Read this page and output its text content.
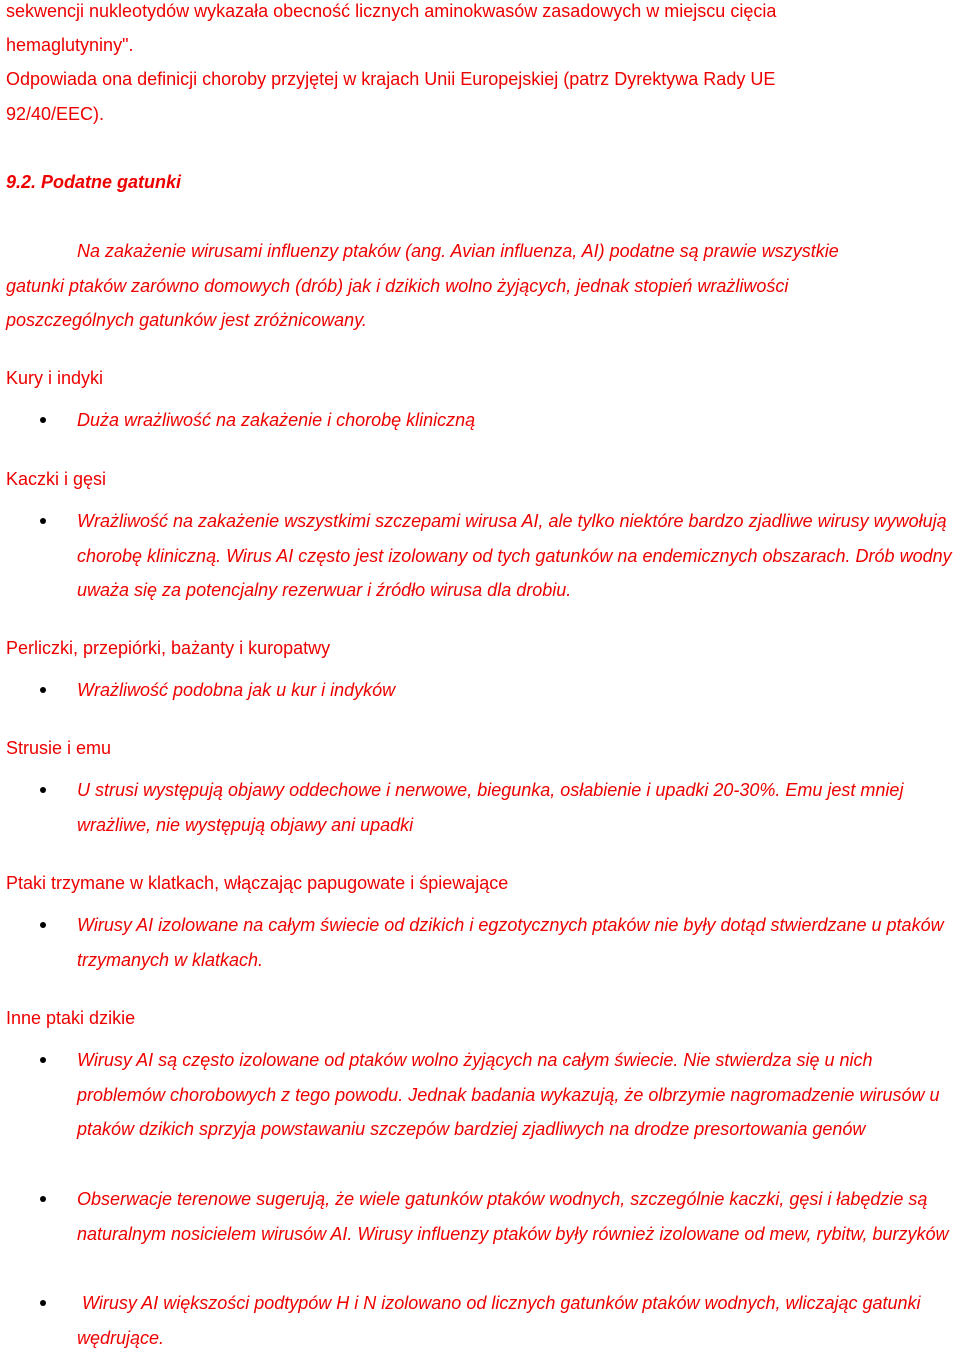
sekwencji nukleotydów wykazała obecność licznych aminokwasów zasadowych w miejscu cięcia

hemaglutyniny".

Odpowiada ona definicji choroby przyjętej w krajach Unii Europejskiej (patrz Dyrektywa Rady UE

92/40/EEC).

9.2. Podatne gatunki

Na zakażenie wirusami influenzy ptaków (ang. Avian influenza, AI) podatne są prawie wszystkie

gatunki ptaków zarówno domowych (drób) jak i dzikich wolno żyjących, jednak stopień wrażliwości

poszczególnych gatunków jest zróżnicowany.

Kury i indyki

Duża wrażliwość na zakażenie i chorobę kliniczną

Kaczki i gęsi

Wrażliwość na zakażenie wszystkimi szczepami wirusa AI, ale tylko niektóre bardzo zjadliwe wirusy wywołują chorobę kliniczną. Wirus AI często jest izolowany od tych gatunków na endemicznych obszarach. Drób wodny uważa się za potencjalny rezerwuar i źródło wirusa dla drobiu.

Perliczki, przepiórki, bażanty i kuropatwy

Wrażliwość podobna jak u kur i indyków

Strusie i emu

U strusi występują objawy oddechowe i nerwowe, biegunka, osłabienie i upadki 20-30%. Emu jest mniej wrażliwe, nie występują objawy ani upadki

Ptaki trzymane w klatkach, włączając papugowate i śpiewające

Wirusy AI izolowane na całym świecie od dzikich i egzotycznych ptaków nie były dotąd stwierdzane u ptaków trzymanych w klatkach.

Inne ptaki dzikie

Wirusy AI są często izolowane od ptaków wolno żyjących na całym świecie. Nie stwierdza się u nich problemów chorobowych z tego powodu. Jednak badania wykazują, że olbrzymie nagromadzenie wirusów u ptaków dzikich sprzyja powstawaniu szczepów bardziej zjadliwych na drodze presortowania genów

Obserwacje terenowe sugerują, że wiele gatunków ptaków wodnych, szczególnie kaczki, gęsi i łabędzie są naturalnym nosicielem wirusów AI. Wirusy influenzy ptaków były również izolowane od mew, rybitw, burzyków

Wirusy AI większości podtypów H i N izolowano od licznych gatunków ptaków wodnych, wliczając gatunki wędrujące.
